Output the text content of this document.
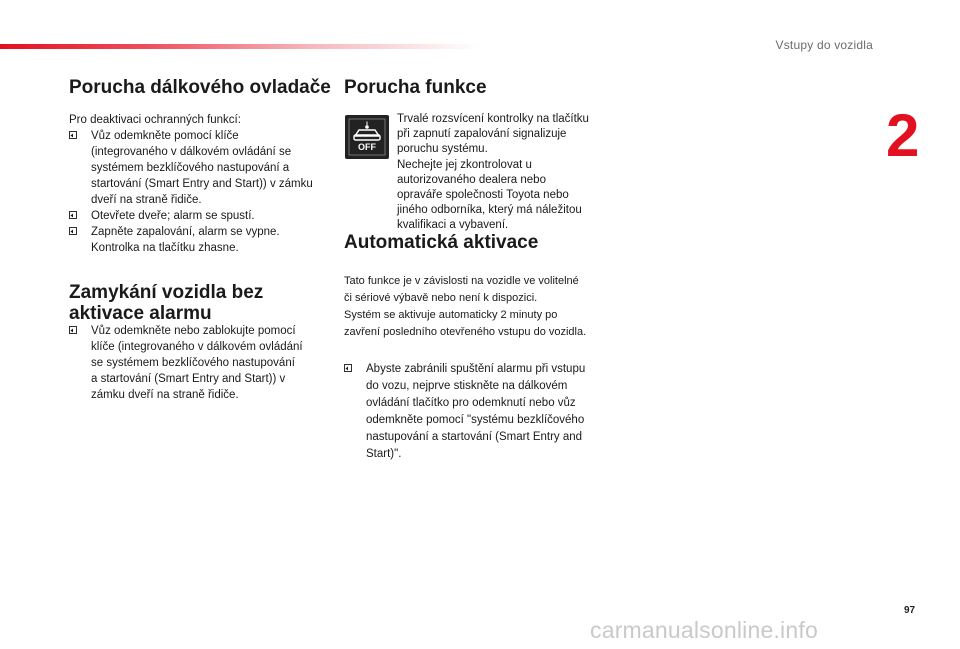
Vstupy do vozidla
2
Porucha dálkového ovladače

Pro deaktivaci ochranných funkcí:

Vůz odemkněte pomocí klíče
(integrovaného v dálkovém ovládání se
systémem bezklíčového nastupování a
startování (Smart Entry and Start)) v zámku
dveří na straně řidiče.
Otevřete dveře; alarm se spustí.
Zapněte zapalování, alarm se vypne.
Kontrolka na tlačítku zhasne.
Zamykání vozidla bez
aktivace alarmu
Vůz odemkněte nebo zablokujte pomocí
klíče (integrovaného v dálkovém ovládání
se systémem bezklíčového nastupování
a startování (Smart Entry and Start)) v
zámku dveří na straně řidiče.
Porucha funkce
OFF
Trvalé rozsvícení kontrolky na tlačítku
při zapnutí zapalování signalizuje
poruchu systému.
Nechejte jej zkontrolovat u
autorizovaného dealera nebo
opraváře společnosti Toyota nebo
jiného odborníka, který má náležitou
kvalifikaci a vybavení.
Automatická aktivace
Tato funkce je v závislosti na vozidle ve volitelné
či sériové výbavě nebo není k dispozici.
Systém se aktivuje automaticky 2 minuty po
zavření posledního otevřeného vstupu do vozidla.
Abyste zabránili spuštění alarmu při vstupu
do vozu, nejprve stiskněte na dálkovém
ovládání tlačítko pro odemknutí nebo vůz
odemkněte pomocí "systému bezklíčového
nastupování a startování (Smart Entry and
Start)".
97
carmanualsonline.info
